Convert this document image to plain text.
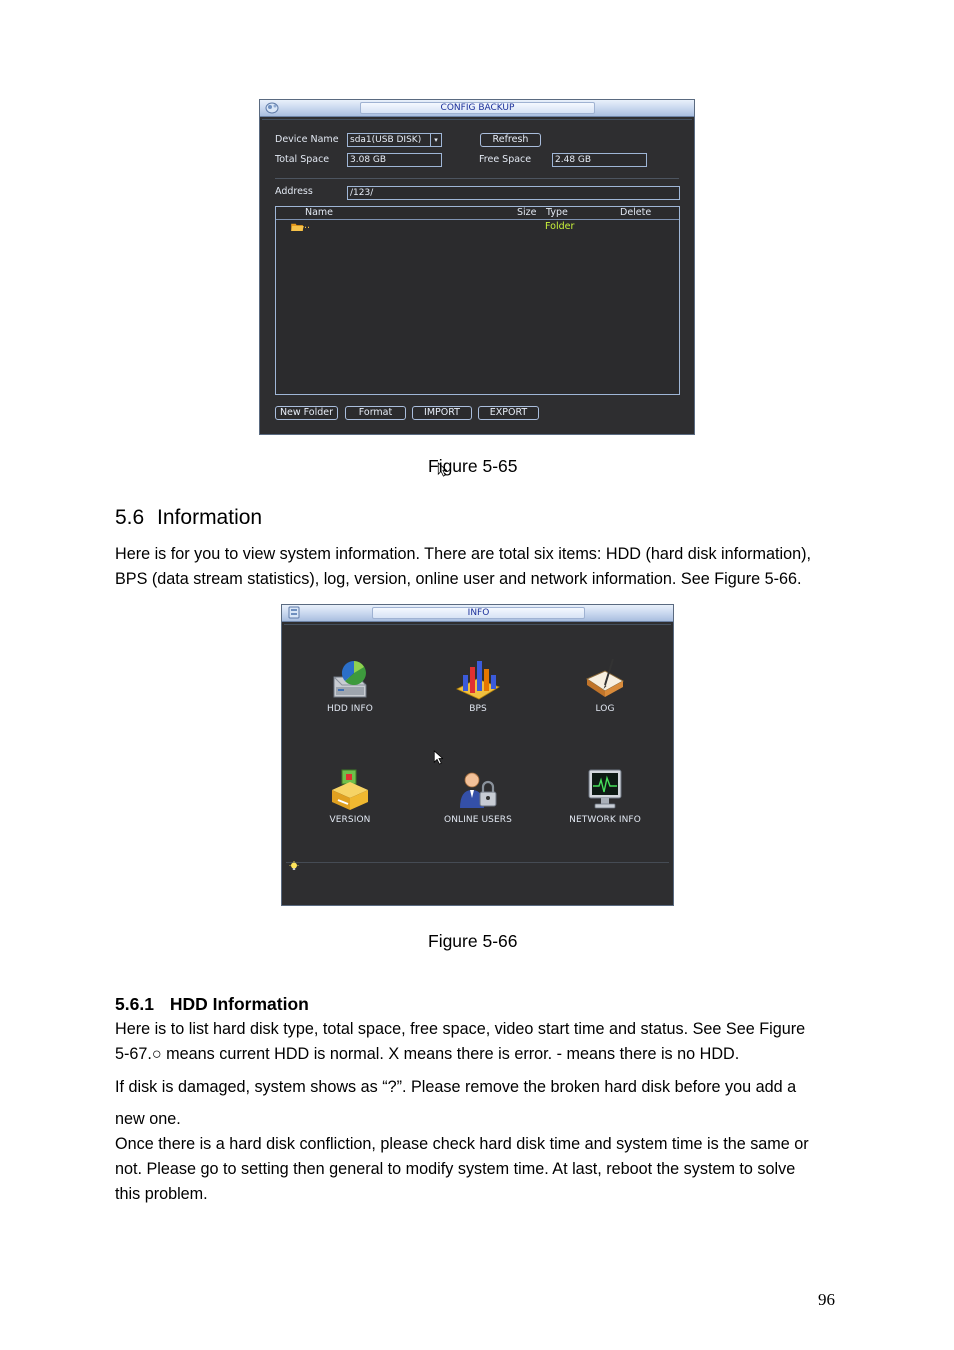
CONFIG BACKUP
Device Name	sda1(USB DISK)	▾	Refresh
Total Space	3.08 GB	Free Space	2.48 GB
Address	/123/
Name	Size Type	Delete
..	Folder
New Folder	Format	IMPORT	EXPORT
Figure 5-65
5.6 Information
Here is for you to view system information. There are total six items: HDD (hard disk information),
BPS (data stream statistics), log, version, online user and network information. See Figure 5-66.
INFO
HDD INFO	BPS	LOG
VERSION	ONLINE USERS	NETWORK INFO
Figure 5-66
5.6.1 HDD Information
Here is to list hard disk type, total space, free space, video start time and status. See See Figure
5-67.○ means current HDD is normal. X means there is error. - means there is no HDD.
If disk is damaged, system shows as “?”. Please remove the broken hard disk before you add a
new one.
Once there is a hard disk confliction, please check hard disk time and system time is the same or
not. Please go to setting then general to modify system time. At last, reboot the system to solve
this problem.
96
